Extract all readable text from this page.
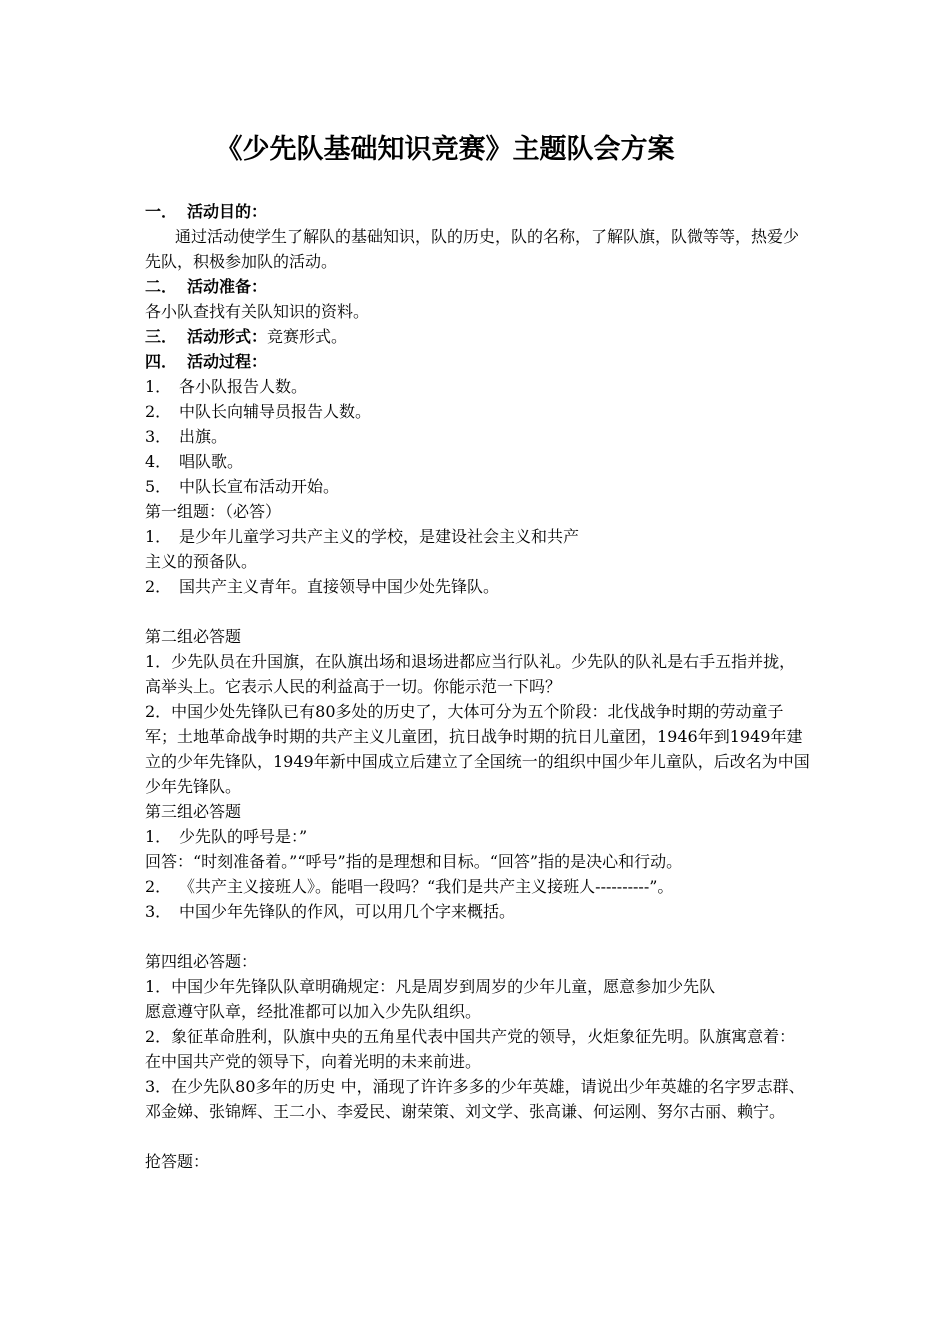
《少先队基础知识竞赛》主题队会方案

一． 活动目的：

通过活动使学生了解队的基础知识，队的历史，队的名称，了解队旗，队微等等，热爱少先队，积极参加队的活动。

二． 活动准备：

各小队查找有关队知识的资料。

三． 活动形式：竞赛形式。

四． 活动过程：

1． 各小队报告人数。

2． 中队长向辅导员报告人数。

3． 出旗。

4． 唱队歌。

5． 中队长宣布活动开始。

第一组题：（必答）

1． 是少年儿童学习共产主义的学校，是建设社会主义和共产

主义的预备队。

2． 国共产主义青年。直接领导中国少处先锋队。

第二组必答题

1．少先队员在升国旗，在队旗出场和退场进都应当行队礼。少先队的队礼是右手五指并拢，高举头上。它表示人民的利益高于一切。你能示范一下吗？

2．中国少处先锋队已有80多处的历史了，大体可分为五个阶段：北伐战争时期的劳动童子军；土地革命战争时期的共产主义儿童团，抗日战争时期的抗日儿童团，1946年到1949年建立的少年先锋队，1949年新中国成立后建立了全国统一的组织中国少年儿童队，后改名为中国少年先锋队。

第三组必答题

1． 少先队的呼号是：”

回答：“时刻准备着。”“呼号”指的是理想和目标。“回答”指的是决心和行动。

2． 《共产主义接班人》。能唱一段吗？“我们是共产主义接班人----------”。

3． 中国少年先锋队的作风，可以用几个字来概括。

第四组必答题：

1．中国少年先锋队队章明确规定：凡是周岁到周岁的少年儿童，愿意参加少先队

愿意遵守队章，经批准都可以加入少先队组织。

2．象征革命胜利，队旗中央的五角星代表中国共产党的领导，火炬象征先明。队旗寓意着：在中国共产党的领导下，向着光明的未来前进。

3．在少先队80多年的历史 中，涌现了许许多多的少年英雄，请说出少年英雄的名字罗志群、邓金娣、张锦辉、王二小、李爱民、谢荣策、刘文学、张高谦、何运刚、努尔古丽、赖宁。

抢答题：
